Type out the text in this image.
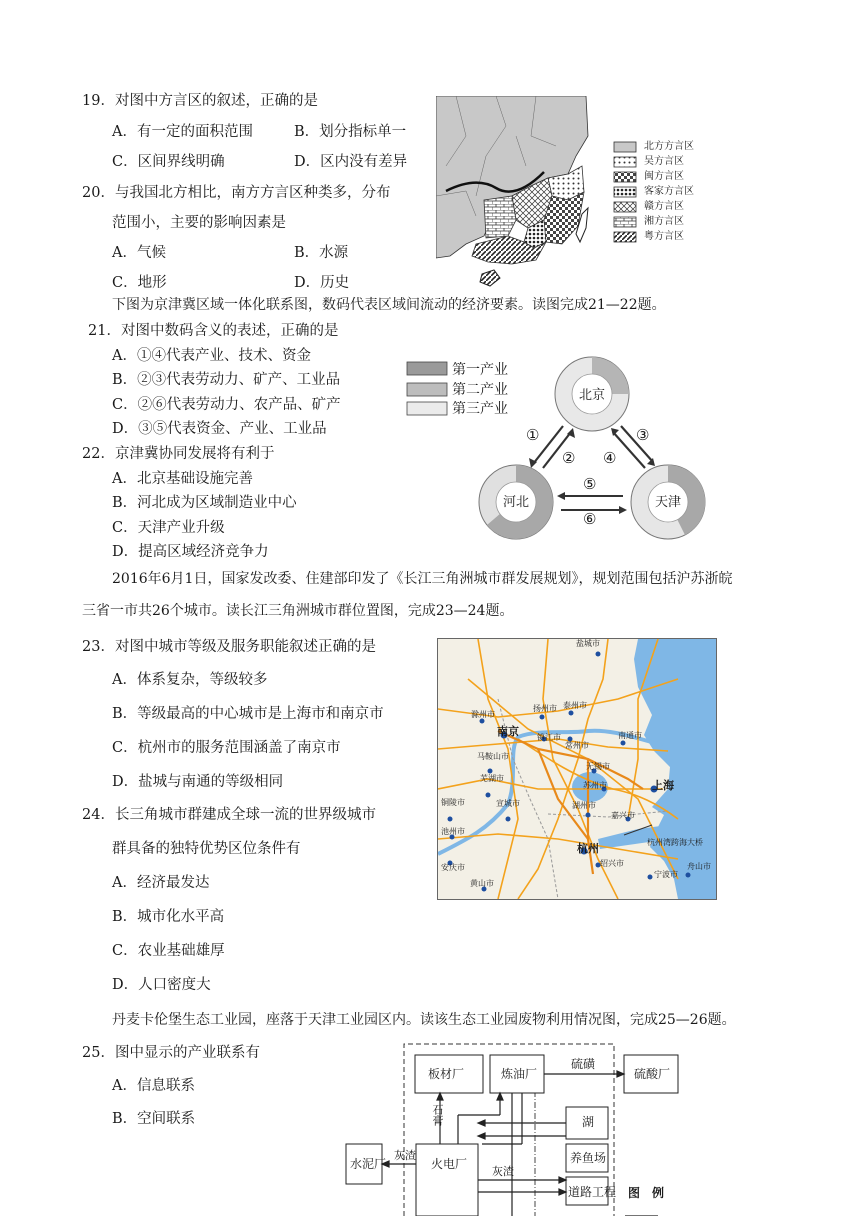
19．对图中方言区的叙述，正确的是
A．有一定的面积范围	B．划分指标单一
C．区间界线明确	D．区内没有差异
20．与我国北方相比，南方方言区种类多，分布
范围小，主要的影响因素是
A．气候	B．水源
C．地形	D．历史
北方方言区
吴方言区
闽方言区
客家方言区
赣方言区
湘方言区
粤方言区
下图为京津冀区域一体化联系图，数码代表区域间流动的经济要素。读图完成21—22题。
21．对图中数码含义的表述，正确的是
A．①④代表产业、技术、资金
B．②③代表劳动力、矿产、工业品
C．②⑥代表劳动力、农产品、矿产
D．③⑤代表资金、产业、工业品
22．京津冀协同发展将有利于
A．北京基础设施完善
B．河北成为区域制造业中心
C．天津产业升级
D．提高区域经济竞争力
第一产业
第二产业
第三产业
北京
河北	天津
①
②
③
④
⑤
⑥
2016年6月1日，国家发改委、住建部印发了《长江三角洲城市群发展规划》，规划范围包括沪苏浙皖
三省一市共26个城市。读长江三角洲城市群位置图，完成23—24题。
23．对图中城市等级及服务职能叙述正确的是
A．体系复杂，等级较多
B．等级最高的中心城市是上海市和南京市
C．杭州市的服务范围涵盖了南京市
D．盐城与南通的等级相同
24．长三角城市群建成全球一流的世界级城市
群具备的独特优势区位条件有
A．经济最发达
B．城市化水平高
C．农业基础雄厚
D．人口密度大
盐城市
滁州市
扬州市 泰州市
南京 镇江市	南通市
常州市
马鞍山市
无锡市
芜湖市
上海
苏州市
铜陵市	宣城市	湖州市
嘉兴市
池州市
杭州湾跨海大桥
杭州
绍兴市	舟山市
宁波市
安庆市
黄山市
丹麦卡伦堡生态工业园，座落于天津工业园区内。读该生态工业园废物利用情况图，完成25—26题。
25．图中显示的产业联系有
A．信息联系
B．空间联系
板材厂	炼油厂
硫磺
硫酸厂
石膏	湖
水泥厂
灰渣
火电厂
灰渣
养鱼场
道路工程 图　例
